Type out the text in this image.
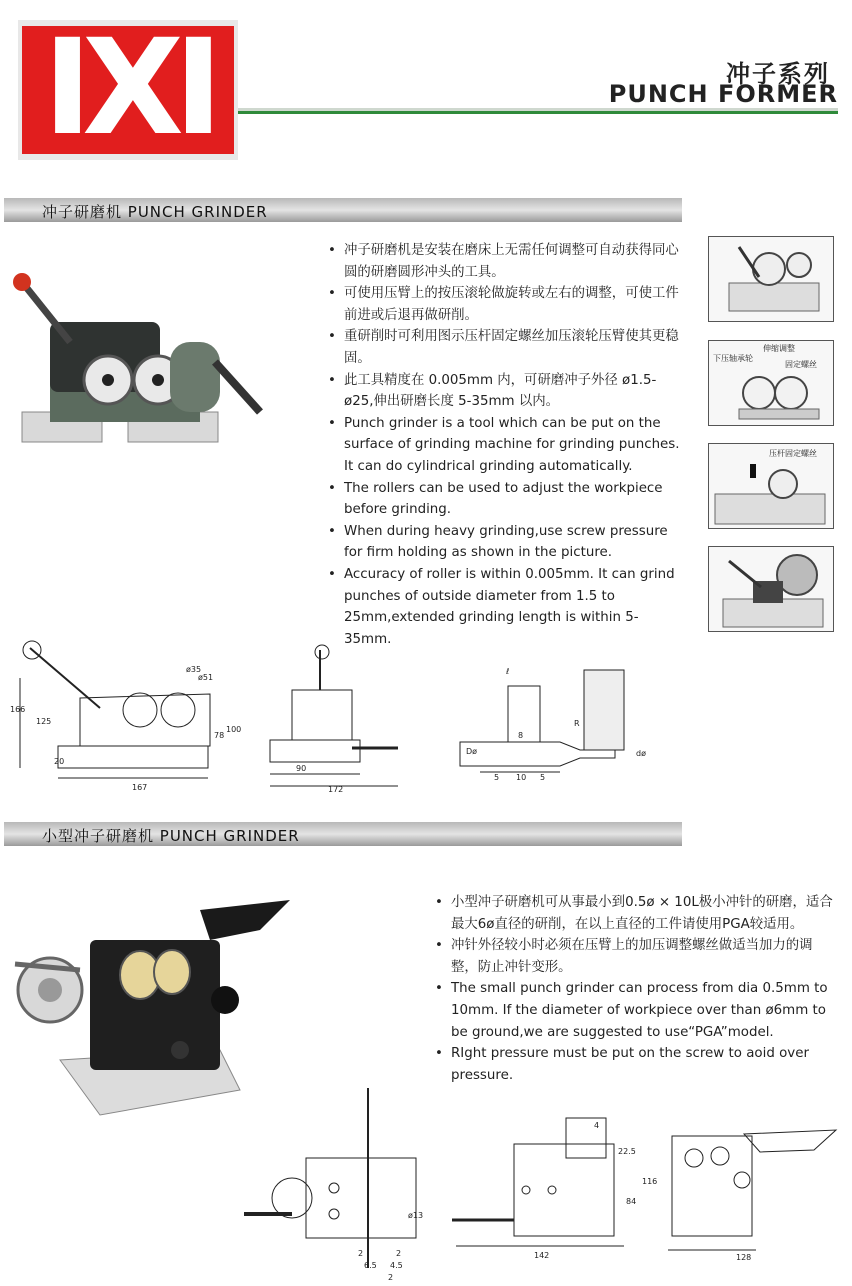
IXI	冲子系列
PUNCH FORMER
冲子研磨机 PUNCH GRINDER
• 冲子研磨机是安装在磨床上无需任何调整可自动获得同心圆的研磨圆形冲头的工具。
• 可使用压臂上的按压滚轮做旋转或左右的调整，可使工件前进或后退再做研削。
• 重研削时可利用图示压杆固定螺丝加压滚轮压臂使其更稳固。
• 此工具精度在 0.005mm 内，可研磨冲子外径 ø1.5-ø25,伸出研磨长度 5-35mm 以内。
• Punch grinder is a tool which can be put on the surface of grinding machine for grinding punches. It can do cylindrical grinding automatically.
• The rollers can be used to adjust the workpiece before grinding.
• When during heavy grinding,use screw pressure for firm holding as shown in the picture.
• Accuracy of roller is within 0.005mm. It can grind punches of outside diameter from 1.5 to 25mm,extended grinding length is within 5-35mm.
伸缩调整
下压轴承轮
固定螺丝
压杆固定螺丝
166
125
20
ø35
ø51
78
100
167
90
172
ℓ
8
R
Dø	dø
5 10 5
小型冲子研磨机 PUNCH GRINDER
• 小型冲子研磨机可从事最小到0.5ø × 10L极小冲针的研磨，适合最大6ø直径的研削，在以上直径的工件请使用PGA较适用。
• 冲针外径较小时必须在压臂上的加压调整螺丝做适当加力的调整，防止冲针变形。
• The small punch grinder can process from dia 0.5mm to 10mm. If the diameter of workpiece over than ø6mm to be ground,we are suggested to use“PGA”model.
• RIght pressure must be put on the screw to aoid over pressure.
ø13
2	2
6.5 4.5
2
4
22.5
84
116
142	128
